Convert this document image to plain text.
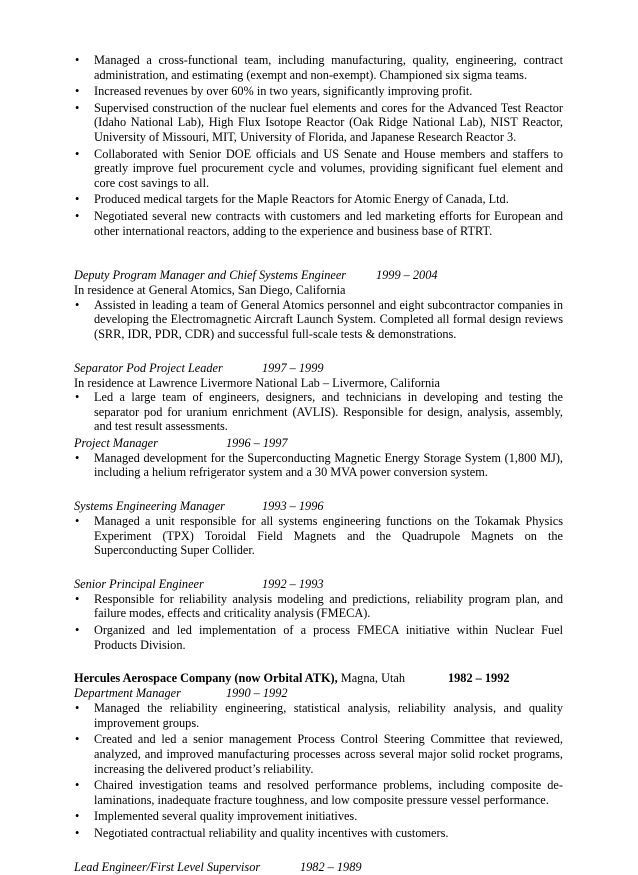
• Managed a cross-functional team, including manufacturing, quality, engineering, contract administration, and estimating (exempt and non-exempt). Championed six sigma teams.
• Increased revenues by over 60% in two years, significantly improving profit.
• Supervised construction of the nuclear fuel elements and cores for the Advanced Test Reactor (Idaho National Lab), High Flux Isotope Reactor (Oak Ridge National Lab), NIST Reactor, University of Missouri, MIT, University of Florida, and Japanese Research Reactor 3.
• Collaborated with Senior DOE officials and US Senate and House members and staffers to greatly improve fuel procurement cycle and volumes, providing significant fuel element and core cost savings to all.
• Produced medical targets for the Maple Reactors for Atomic Energy of Canada, Ltd.
• Negotiated several new contracts with customers and led marketing efforts for European and other international reactors, adding to the experience and business base of RTRT.
Deputy Program Manager and Chief Systems Engineer 1999 – 2004
In residence at General Atomics, San Diego, California
• Assisted in leading a team of General Atomics personnel and eight subcontractor companies in developing the Electromagnetic Aircraft Launch System. Completed all formal design reviews (SRR, IDR, PDR, CDR) and successful full-scale tests & demonstrations.
Separator Pod Project Leader	1997 – 1999
In residence at Lawrence Livermore National Lab – Livermore, California
• Led a large team of engineers, designers, and technicians in developing and testing the separator pod for uranium enrichment (AVLIS). Responsible for design, analysis, assembly, and test result assessments.
Project Manager	1996 – 1997
• Managed development for the Superconducting Magnetic Energy Storage System (1,800 MJ), including a helium refrigerator system and a 30 MVA power conversion system.
Systems Engineering Manager	1993 – 1996
• Managed a unit responsible for all systems engineering functions on the Tokamak Physics Experiment (TPX) Toroidal Field Magnets and the Quadrupole Magnets on the Superconducting Super Collider.
Senior Principal Engineer	1992 – 1993
• Responsible for reliability analysis modeling and predictions, reliability program plan, and failure modes, effects and criticality analysis (FMECA).
• Organized and led implementation of a process FMECA initiative within Nuclear Fuel Products Division.
Hercules Aerospace Company (now Orbital ATK), Magna, Utah	1982 – 1992
Department Manager	1990 – 1992
• Managed the reliability engineering, statistical analysis, reliability analysis, and quality improvement groups.
• Created and led a senior management Process Control Steering Committee that reviewed, analyzed, and improved manufacturing processes across several major solid rocket programs, increasing the delivered product’s reliability.
• Chaired investigation teams and resolved performance problems, including composite de-laminations, inadequate fracture toughness, and low composite pressure vessel performance.
• Implemented several quality improvement initiatives.
• Negotiated contractual reliability and quality incentives with customers.
Lead Engineer/First Level Supervisor	1982 – 1989
